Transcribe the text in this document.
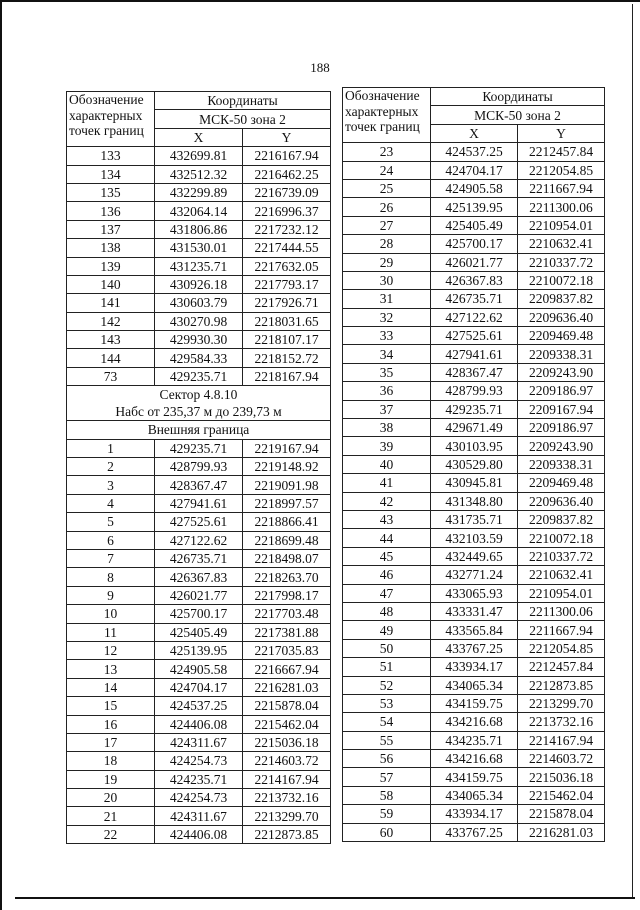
188
Обозначение
характерных
точек границ	Координаты	
	МСК-50 зона 2	
	X	Y
133	432699.81	2216167.94
134	432512.32	2216462.25
135	432299.89	2216739.09
136	432064.14	2216996.37
137	431806.86	2217232.12
138	431530.01	2217444.55
139	431235.71	2217632.05
140	430926.18	2217793.17
141	430603.79	2217926.71
142	430270.98	2218031.65
143	429930.30	2218107.17
144	429584.33	2218152.72
73	429235.71	2218167.94
Сектор 4.8.10
Набс от 235,37 м до 239,73 м		
Внешняя граница		
1	429235.71	2219167.94
2	428799.93	2219148.92
3	428367.47	2219091.98
4	427941.61	2218997.57
5	427525.61	2218866.41
6	427122.62	2218699.48
7	426735.71	2218498.07
8	426367.83	2218263.70
9	426021.77	2217998.17
10	425700.17	2217703.48
11	425405.49	2217381.88
12	425139.95	2217035.83
13	424905.58	2216667.94
14	424704.17	2216281.03
15	424537.25	2215878.04
16	424406.08	2215462.04
17	424311.67	2215036.18
18	424254.73	2214603.72
19	424235.71	2214167.94
20	424254.73	2213732.16
21	424311.67	2213299.70
22	424406.08	2212873.85
Обозначение
характерных
точек границ	Координаты	
	МСК-50 зона 2	
	X	Y
23	424537.25	2212457.84
24	424704.17	2212054.85
25	424905.58	2211667.94
26	425139.95	2211300.06
27	425405.49	2210954.01
28	425700.17	2210632.41
29	426021.77	2210337.72
30	426367.83	2210072.18
31	426735.71	2209837.82
32	427122.62	2209636.40
33	427525.61	2209469.48
34	427941.61	2209338.31
35	428367.47	2209243.90
36	428799.93	2209186.97
37	429235.71	2209167.94
38	429671.49	2209186.97
39	430103.95	2209243.90
40	430529.80	2209338.31
41	430945.81	2209469.48
42	431348.80	2209636.40
43	431735.71	2209837.82
44	432103.59	2210072.18
45	432449.65	2210337.72
46	432771.24	2210632.41
47	433065.93	2210954.01
48	433331.47	2211300.06
49	433565.84	2211667.94
50	433767.25	2212054.85
51	433934.17	2212457.84
52	434065.34	2212873.85
53	434159.75	2213299.70
54	434216.68	2213732.16
55	434235.71	2214167.94
56	434216.68	2214603.72
57	434159.75	2215036.18
58	434065.34	2215462.04
59	433934.17	2215878.04
60	433767.25	2216281.03
